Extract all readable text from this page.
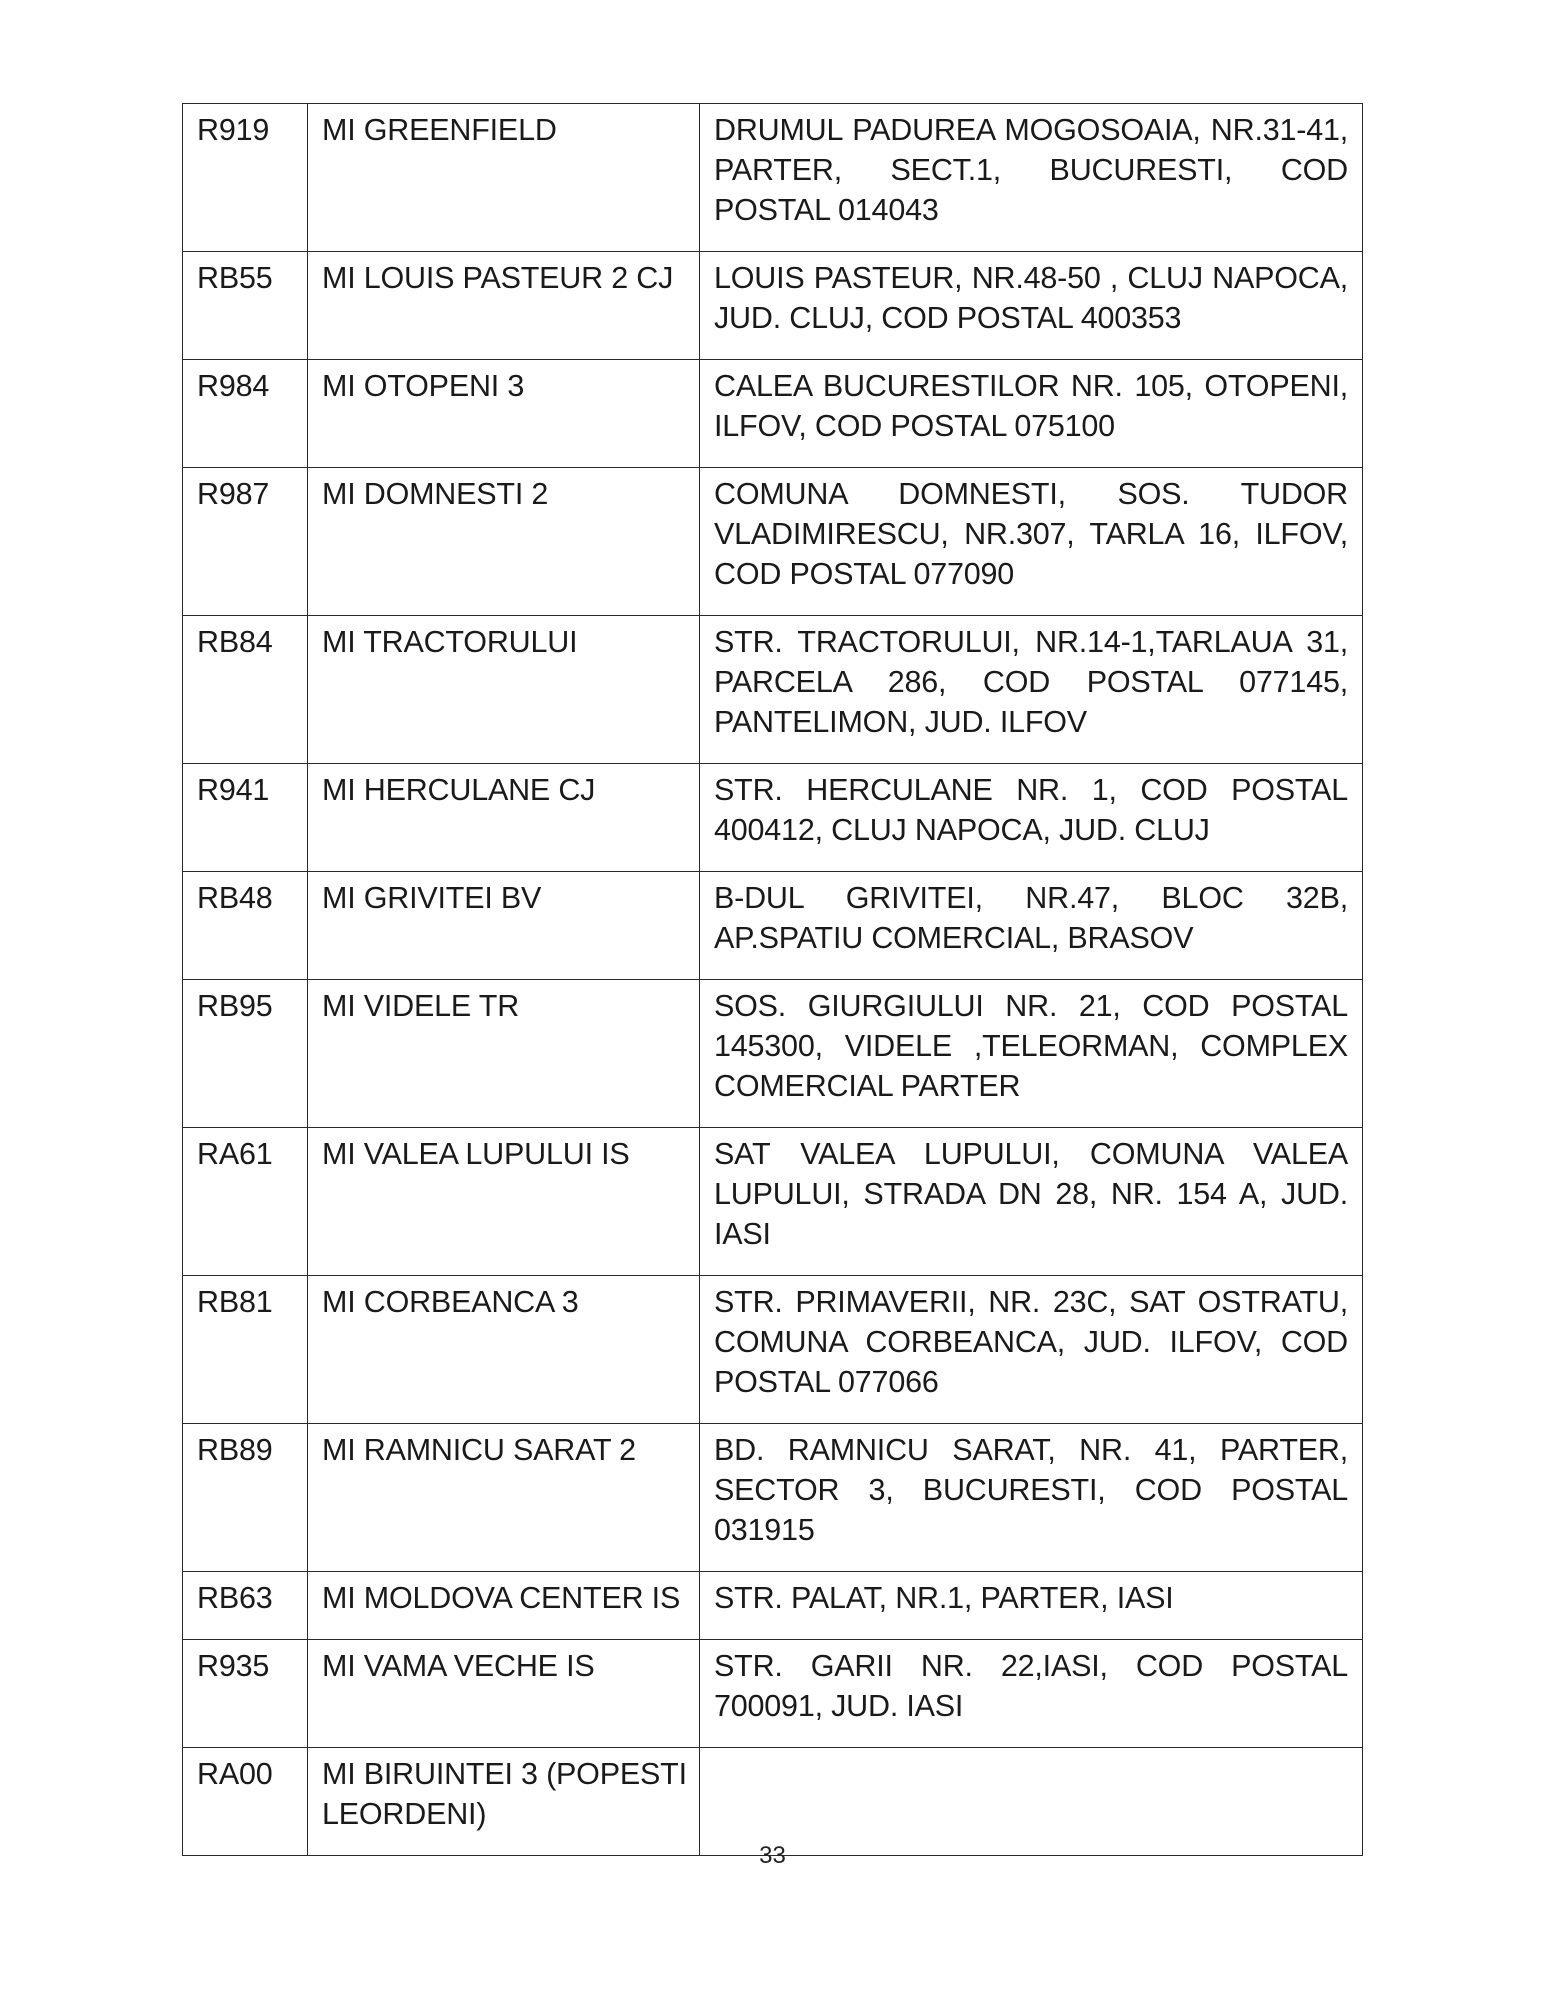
R919	MI GREENFIELD	DRUMUL PADUREA MOGOSOAIA, NR.31-41, PARTER, SECT.1, BUCURESTI, COD POSTAL 014043
RB55	MI LOUIS PASTEUR 2 CJ	LOUIS PASTEUR, NR.48-50 , CLUJ NAPOCA, JUD. CLUJ, COD POSTAL 400353
R984	MI OTOPENI 3	CALEA BUCURESTILOR NR. 105, OTOPENI, ILFOV, COD POSTAL 075100
R987	MI DOMNESTI 2	COMUNA DOMNESTI, SOS. TUDOR VLADIMIRESCU, NR.307, TARLA 16, ILFOV, COD POSTAL 077090
RB84	MI TRACTORULUI	STR. TRACTORULUI, NR.14-1,TARLAUA 31, PARCELA 286, COD POSTAL 077145, PANTELIMON, JUD. ILFOV
R941	MI HERCULANE CJ	STR. HERCULANE NR. 1, COD POSTAL 400412, CLUJ NAPOCA, JUD. CLUJ
RB48	MI GRIVITEI BV	B-DUL GRIVITEI, NR.47, BLOC 32B, AP.SPATIU COMERCIAL, BRASOV
RB95	MI VIDELE TR	SOS. GIURGIULUI NR. 21, COD POSTAL 145300, VIDELE ,TELEORMAN, COMPLEX COMERCIAL PARTER
RA61	MI VALEA LUPULUI IS	SAT VALEA LUPULUI, COMUNA VALEA LUPULUI, STRADA DN 28, NR. 154 A, JUD. IASI
RB81	MI CORBEANCA 3	STR. PRIMAVERII, NR. 23C, SAT OSTRATU, COMUNA CORBEANCA, JUD. ILFOV, COD POSTAL 077066
RB89	MI RAMNICU SARAT 2	BD. RAMNICU SARAT, NR. 41, PARTER, SECTOR 3, BUCURESTI, COD POSTAL 031915
RB63	MI MOLDOVA CENTER IS	STR. PALAT, NR.1, PARTER, IASI
R935	MI VAMA VECHE IS	STR. GARII NR. 22,IASI, COD POSTAL 700091, JUD. IASI
RA00	MI BIRUINTEI 3 (POPESTI LEORDENI)	
33
